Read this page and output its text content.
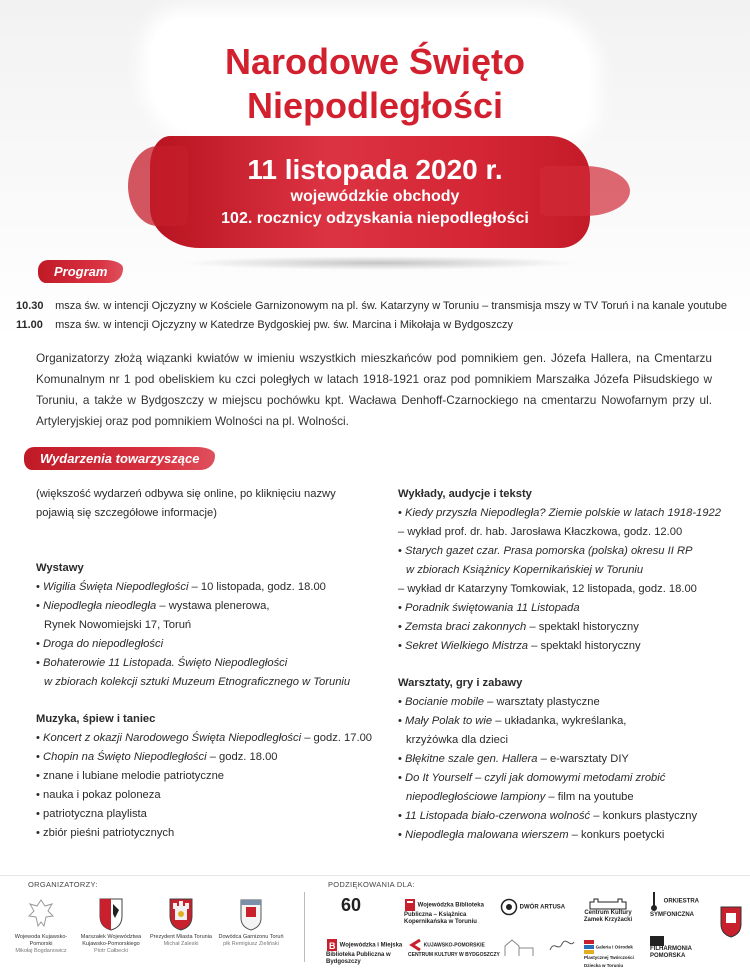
Narodowe Święto
Niepodległości

11 listopada 2020 r.

wojewódzkie obchody

102. rocznicy odzyskania niepodległości

Program
10.30 msza św. w intencji Ojczyzny w Kościele Garnizonowym na pl. św. Katarzyny w Toruniu – transmisja mszy w TV Toruń i na kanale youtube
11.00 msza św. w intencji Ojczyzny w Katedrze Bydgoskiej pw. św. Marcina i Mikołaja w Bydgoszczy

Organizatorzy złożą wiązanki kwiatów w imieniu wszystkich mieszkańców pod pomnikiem gen. Józefa Hallera, na Cmentarzu Komunalnym nr 1 pod obeliskiem ku czci poległych w latach 1918-1921 oraz pod pomnikiem Marszałka Józefa Piłsudskiego w Toruniu, a także w Bydgoszczy w miejscu pochówku kpt. Wacława Denhoff-Czarnockiego na cmentarzu Nowofarnym przy ul. Artyleryjskiej oraz pod pomnikiem Wolności na pl. Wolności.

Wydarzenia towarzyszące
(większość wydarzeń odbywa się online, po kliknięciu nazwy
pojawią się szczegółowe informacje)

Wystawy

• Wigilia Święta Niepodległości – 10 listopada, godz. 18.00
• Niepodległa nieodległa – wystawa plenerowa,
Rynek Nowomiejski 17, Toruń
• Droga do niepodległości
• Bohaterowie 11 Listopada. Święto Niepodległości
w zbiorach kolekcji sztuki Muzeum Etnograficznego w Toruniu

Muzyka, śpiew i taniec

• Koncert z okazji Narodowego Święta Niepodległości – godz. 17.00
• Chopin na Święto Niepodległości – godz. 18.00
• znane i lubiane melodie patriotyczne
• nauka i pokaz poloneza
• patriotyczna playlista
• zbiór pieśni patriotycznych

Wykłady, audycje i teksty

• Kiedy przyszła Niepodległa? Ziemie polskie w latach 1918-1922
– wykład prof. dr. hab. Jarosława Kłaczkowa, godz. 12.00
• Starych gazet czar. Prasa pomorska (polska) okresu II RP
w zbiorach Książnicy Kopernikańskiej w Toruniu
– wykład dr Katarzyny Tomkowiak, 12 listopada, godz. 18.00
• Poradnik świętowania 11 Listopada
• Zemsta braci zakonnych – spektakl historyczny
• Sekret Wielkiego Mistrza – spektakl historyczny

Warsztaty, gry i zabawy

• Bocianie mobile – warsztaty plastyczne
• Mały Polak to wie – układanka, wykreślanka,
krzyżówka dla dzieci
• Błękitne szale gen. Hallera – e-warsztaty DIY
• Do It Yourself – czyli jak domowymi metodami zrobić
niepodległościowe lampiony – film na youtube
• 11 Listopada biało-czerwona wolność – konkurs plastyczny
• Niepodległa malowana wierszem – konkurs poetycki
ORGANIZATORZY:	PODZIĘKOWANIA DLA:
Wojewoda Kujawsko-Pomorski
Mikołaj Bogdanowicz
Marszałek Województwa Kujawsko-Pomorskiego
Piotr Całbecki
Prezydent Miasta Torunia
Michał Zaleski
Dowódca Garnizonu Toruń
płk Remigiusz Zieliński
60	Wojewódzka Biblioteka Publiczna – Książnica Kopernikańska w Toruniu
DWÓR ARTUSA
Centrum Kultury Zamek Krzyżacki
ORKIESTRA SYMFONICZNA
B Wojewódzka i Miejska Biblioteka Publiczna w Bydgoszczy
KUJAWSKO-POMORSKIE CENTRUM KULTURY W BYDGOSZCZY
Galeria i Ośrodek Plastycznej Twórczości Dziecka w Toruniu
FILHARMONIA POMORSKA
